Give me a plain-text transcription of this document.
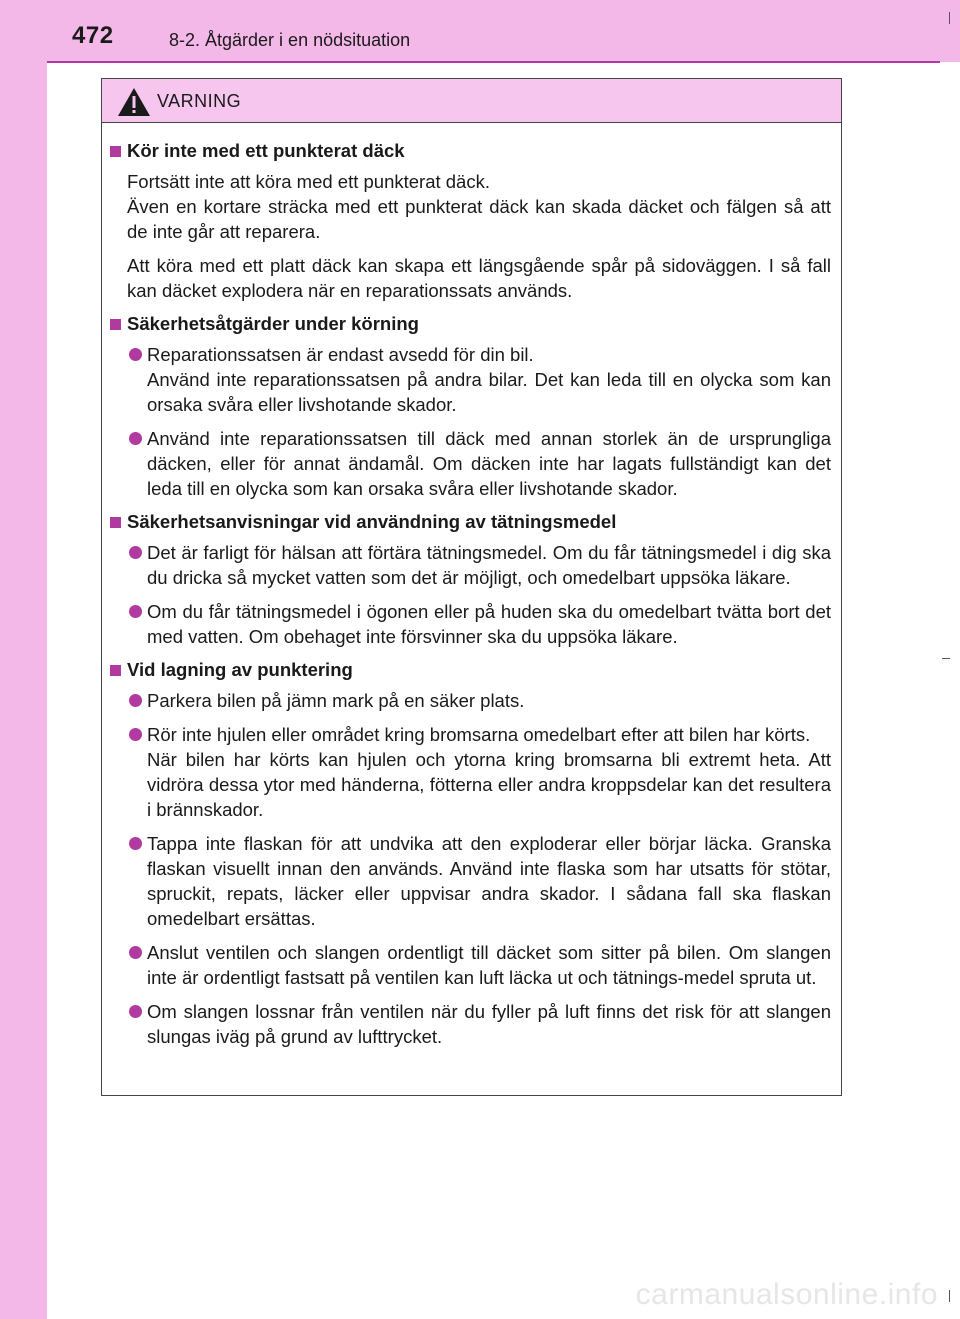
472	8-2. Åtgärder i en nödsituation
VARNING
Kör inte med ett punkterat däck
Fortsätt inte att köra med ett punkterat däck.
Även en kortare sträcka med ett punkterat däck kan skada däcket och fälgen så att de inte går att reparera.
Att köra med ett platt däck kan skapa ett längsgående spår på sidoväggen. I så fall kan däcket explodera när en reparationssats används.
Säkerhetsåtgärder under körning
Reparationssatsen är endast avsedd för din bil.
Använd inte reparationssatsen på andra bilar. Det kan leda till en olycka som kan orsaka svåra eller livshotande skador.
Använd inte reparationssatsen till däck med annan storlek än de ursprungliga däcken, eller för annat ändamål. Om däcken inte har lagats fullständigt kan det leda till en olycka som kan orsaka svåra eller livshotande skador.
Säkerhetsanvisningar vid användning av tätningsmedel
Det är farligt för hälsan att förtära tätningsmedel. Om du får tätningsmedel i dig ska du dricka så mycket vatten som det är möjligt, och omedelbart uppsöka läkare.
Om du får tätningsmedel i ögonen eller på huden ska du omedelbart tvätta bort det med vatten. Om obehaget inte försvinner ska du uppsöka läkare.
Vid lagning av punktering
Parkera bilen på jämn mark på en säker plats.
Rör inte hjulen eller området kring bromsarna omedelbart efter att bilen har körts.
När bilen har körts kan hjulen och ytorna kring bromsarna bli extremt heta. Att vidröra dessa ytor med händerna, fötterna eller andra kroppsdelar kan det resultera i brännskador.
Tappa inte flaskan för att undvika att den exploderar eller börjar läcka. Granska flaskan visuellt innan den används. Använd inte flaska som har utsatts för stötar, spruckit, repats, läcker eller uppvisar andra skador. I sådana fall ska flaskan omedelbart ersättas.
Anslut ventilen och slangen ordentligt till däcket som sitter på bilen. Om slangen inte är ordentligt fastsatt på ventilen kan luft läcka ut och tätnings-medel spruta ut.
Om slangen lossnar från ventilen när du fyller på luft finns det risk för att slangen slungas iväg på grund av lufttrycket.
carmanualsonline.info
